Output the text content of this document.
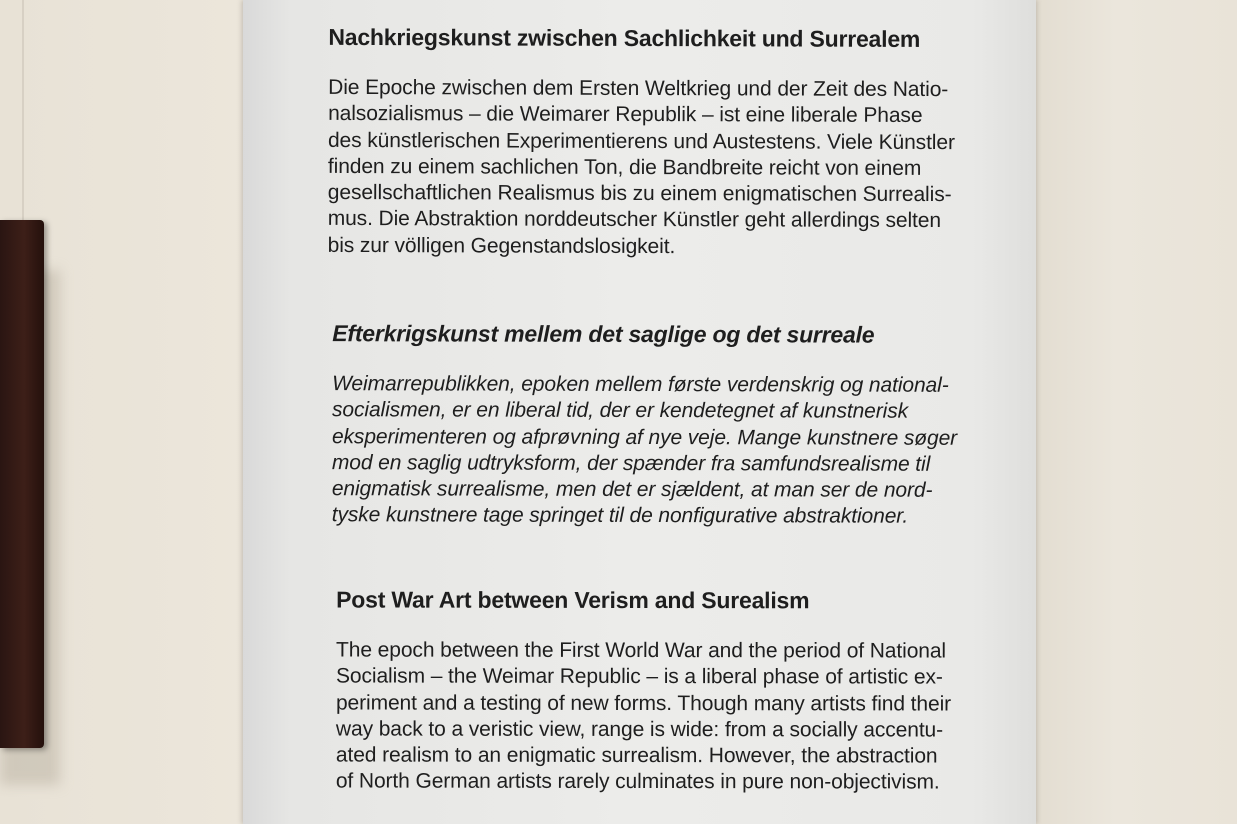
Nachkriegskunst zwischen Sachlichkeit und Surrealem

Die Epoche zwischen dem Ersten Weltkrieg und der Zeit des Natio-
nalsozialismus – die Weimarer Republik – ist eine liberale Phase
des künstlerischen Experimentierens und Austestens. Viele Künstler
finden zu einem sachlichen Ton, die Bandbreite reicht von einem
gesellschaftlichen Realismus bis zu einem enigmatischen Surrealis-
mus. Die Abstraktion norddeutscher Künstler geht allerdings selten
bis zur völligen Gegenstandslosigkeit.

Efterkrigskunst mellem det saglige og det surreale

Weimarrepublikken, epoken mellem første verdenskrig og national-
socialismen, er en liberal tid, der er kendetegnet af kunstnerisk
eksperimenteren og afprøvning af nye veje. Mange kunstnere søger
mod en saglig udtryksform, der spænder fra samfundsrealisme til
enigmatisk surrealisme, men det er sjældent, at man ser de nord-
tyske kunstnere tage springet til de nonfigurative abstraktioner.

Post War Art between Verism and Surealism

The epoch between the First World War and the period of National
Socialism – the Weimar Republic – is a liberal phase of artistic ex-
periment and a testing of new forms. Though many artists find their
way back to a veristic view, range is wide: from a socially accentu-
ated realism to an enigmatic surrealism. However, the abstraction
of North German artists rarely culminates in pure non-objectivism.
